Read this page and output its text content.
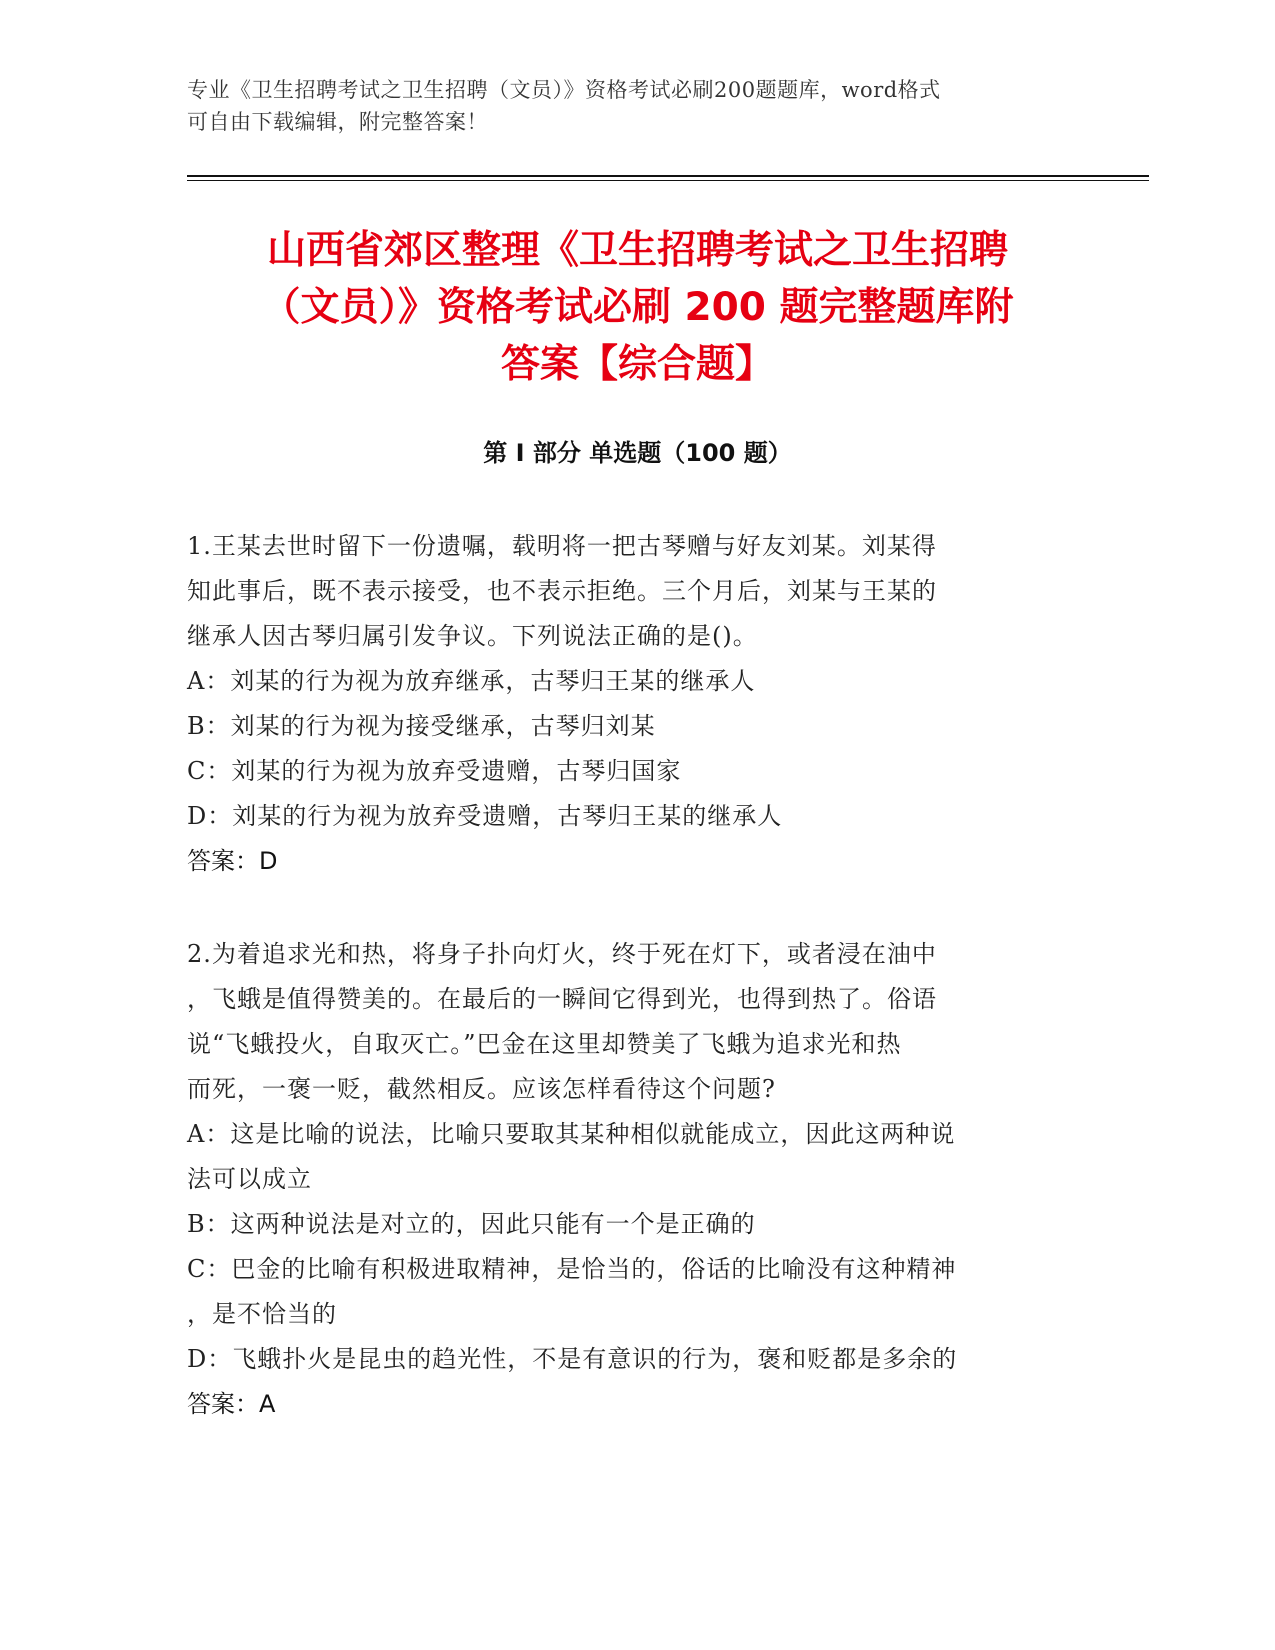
专业《卫生招聘考试之卫生招聘（文员）》资格考试必刷200题题库，word格式
可自由下载编辑，附完整答案！
山西省郊区整理《卫生招聘考试之卫生招聘
（文员）》资格考试必刷 200 题完整题库附
答案【综合题】
第 I 部分 单选题（100 题）
1.王某去世时留下一份遗嘱，载明将一把古琴赠与好友刘某。刘某得
知此事后，既不表示接受，也不表示拒绝。三个月后，刘某与王某的
继承人因古琴归属引发争议。下列说法正确的是()。
A：刘某的行为视为放弃继承，古琴归王某的继承人
B：刘某的行为视为接受继承，古琴归刘某
C：刘某的行为视为放弃受遗赠，古琴归国家
D：刘某的行为视为放弃受遗赠，古琴归王某的继承人
答案：D
2.为着追求光和热，将身子扑向灯火，终于死在灯下，或者浸在油中
，飞蛾是值得赞美的。在最后的一瞬间它得到光，也得到热了。俗语
说“飞蛾投火，自取灭亡。”巴金在这里却赞美了飞蛾为追求光和热
而死，一褒一贬，截然相反。应该怎样看待这个问题?
A：这是比喻的说法，比喻只要取其某种相似就能成立，因此这两种说
法可以成立
B：这两种说法是对立的，因此只能有一个是正确的
C：巴金的比喻有积极进取精神，是恰当的，俗话的比喻没有这种精神
，是不恰当的
D：飞蛾扑火是昆虫的趋光性，不是有意识的行为，褒和贬都是多余的
答案：A
